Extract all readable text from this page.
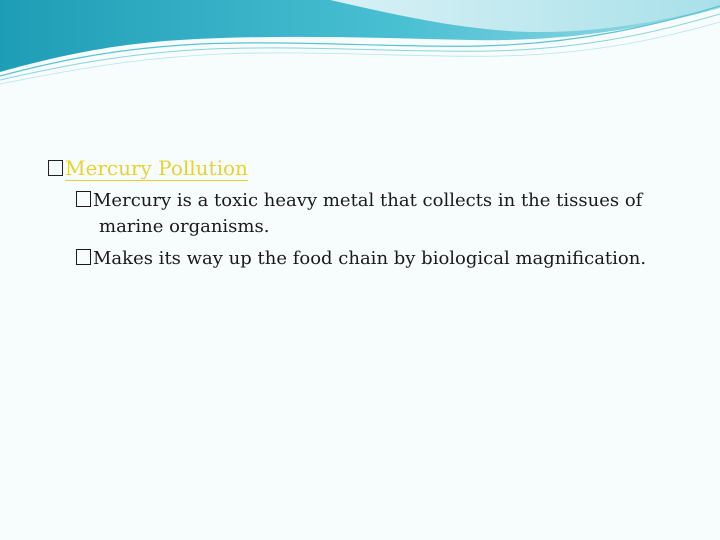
Mercury Pollution
Mercury is a toxic heavy metal that collects in the tissues of
marine organisms.
Makes its way up the food chain by biological magnification.
